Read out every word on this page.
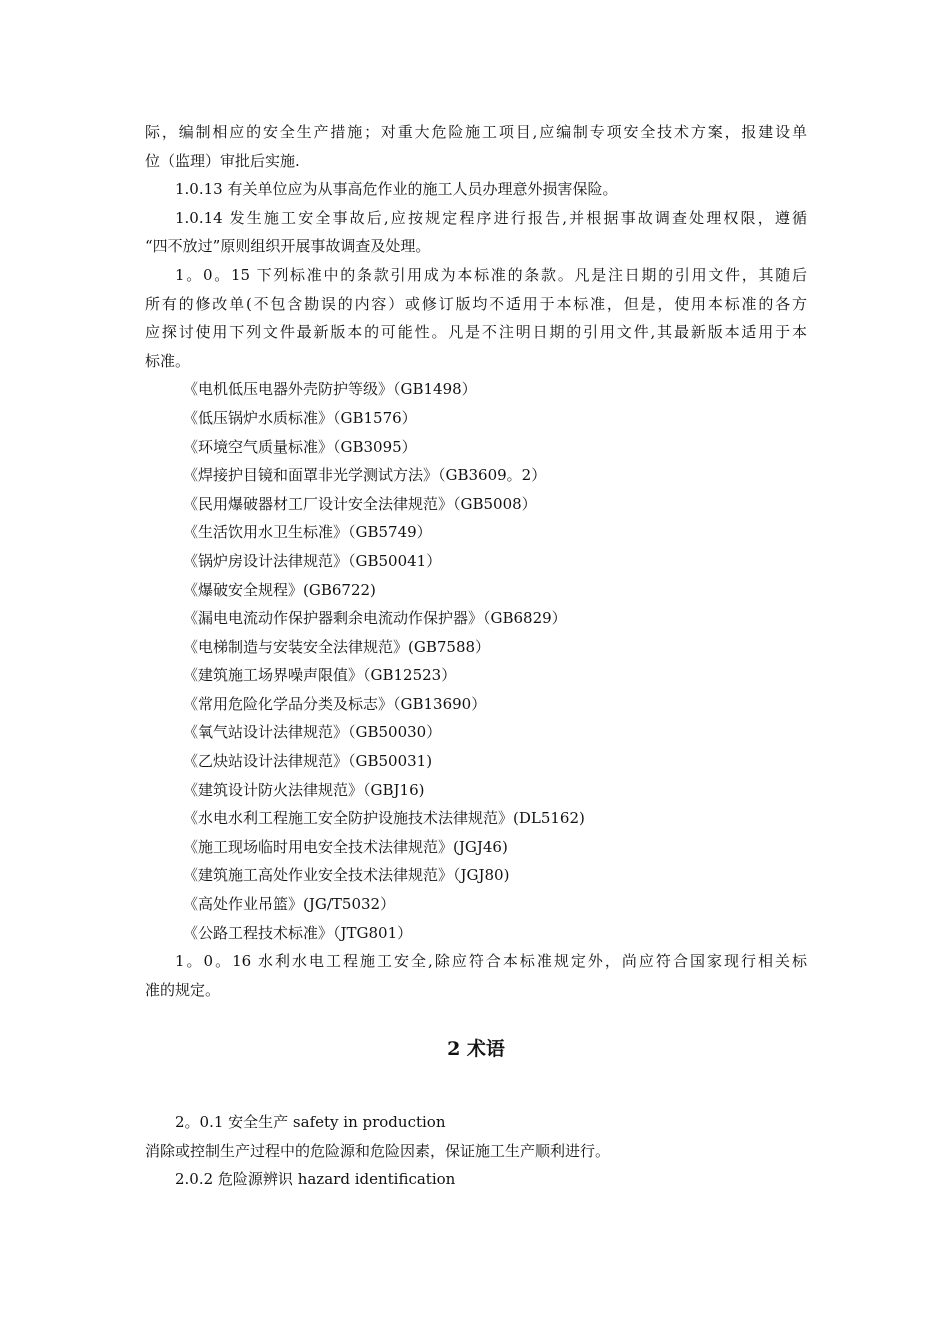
际，编制相应的安全生产措施；对重大危险施工项目,应编制专项安全技术方案，报建设单
位（监理）审批后实施.
1.0.13 有关单位应为从事高危作业的施工人员办理意外损害保险。
1.0.14 发生施工安全事故后,应按规定程序进行报告,并根据事故调查处理权限，遵循
“四不放过”原则组织开展事故调查及处理。
1。0。15 下列标准中的条款引用成为本标准的条款。凡是注日期的引用文件，其随后
所有的修改单(不包含勘误的内容）或修订版均不适用于本标准，但是，使用本标准的各方
应探讨使用下列文件最新版本的可能性。凡是不注明日期的引用文件,其最新版本适用于本
标准。
《电机低压电器外壳防护等级》（GB1498）
《低压锅炉水质标准》（GB1576）
《环境空气质量标准》（GB3095）
《焊接护目镜和面罩非光学测试方法》（GB3609。2）
《民用爆破器材工厂设计安全法律规范》（GB5008）
《生活饮用水卫生标准》（GB5749）
《锅炉房设计法律规范》（GB50041）
《爆破安全规程》(GB6722)
《漏电电流动作保护器剩余电流动作保护器》（GB6829）
《电梯制造与安装安全法律规范》(GB7588）
《建筑施工场界噪声限值》（GB12523）
《常用危险化学品分类及标志》（GB13690）
《氧气站设计法律规范》（GB50030）
《乙炔站设计法律规范》（GB50031)
《建筑设计防火法律规范》（GBJ16)
《水电水利工程施工安全防护设施技术法律规范》(DL5162)
《施工现场临时用电安全技术法律规范》(JGJ46)
《建筑施工高处作业安全技术法律规范》（JGJ80)
《高处作业吊篮》(JG/T5032）
《公路工程技术标准》（JTG801）
1。0。16 水利水电工程施工安全,除应符合本标准规定外，尚应符合国家现行相关标
准的规定。
2 术语
2。0.1 安全生产 safety in production
消除或控制生产过程中的危险源和危险因素，保证施工生产顺利进行。
2.0.2 危险源辨识 hazard identification
